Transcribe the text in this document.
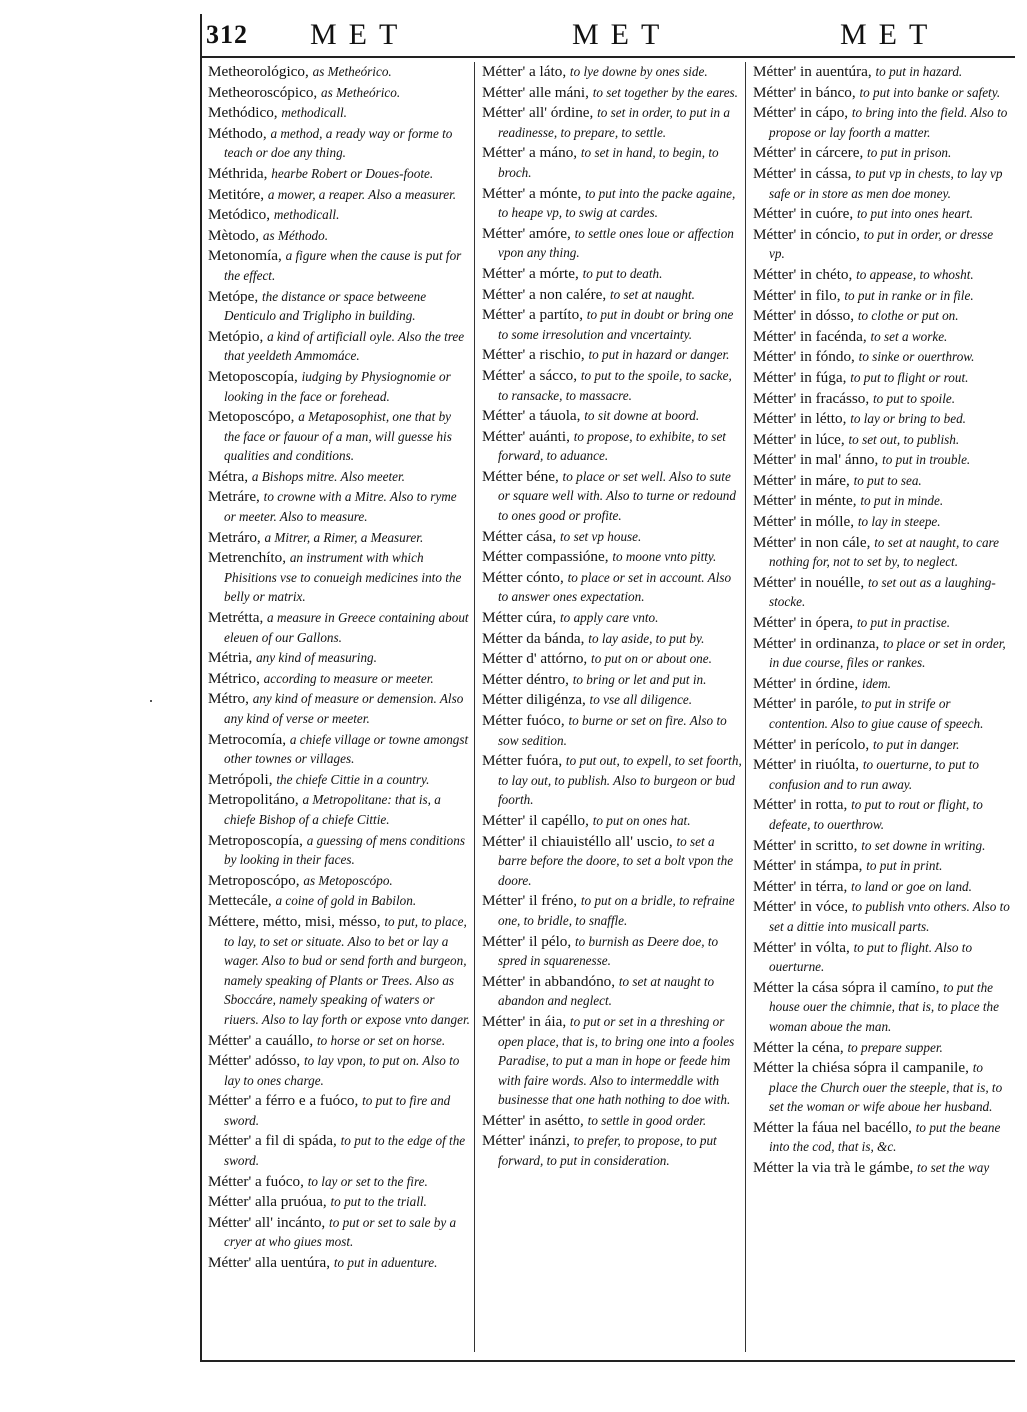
312 MET	MET	MET

Metheorológico, as Metheórico.

Metheoroscópico, as Metheórico.

Methódico, methodicall.

Méthodo, a method, a ready way or forme to teach or doe any thing.

Méthrida, hearbe Robert or Doues-foote.

Metitóre, a mower, a reaper. Also a measurer.

Metódico, methodicall.

Mètodo, as Méthodo.

Metonomía, a figure when the cause is put for the effect.

Metópe, the distance or space betweene Denticulo and Triglipho in building.

Metópio, a kind of artificiall oyle. Also the tree that yeeldeth Ammomáce.

Metoposcopía, iudging by Physiognomie or looking in the face or forehead.

Metoposcópo, a Metaposophist, one that by the face or fauour of a man, will guesse his qualities and conditions.

Métra, a Bishops mitre. Also meeter.

Metráre, to crowne with a Mitre. Also to ryme or meeter. Also to measure.

Metráro, a Mitrer, a Rimer, a Measurer.

Metrenchíto, an instrument with which Phisitions vse to conueigh medicines into the belly or matrix.

Metrétta, a measure in Greece containing about eleuen of our Gallons.

Métria, any kind of measuring.

Métrico, according to measure or meeter.

Métro, any kind of measure or demension. Also any kind of verse or meeter.

Metrocomía, a chiefe village or towne amongst other townes or villages.

Metrópoli, the chiefe Cittie in a country.

Metropolitáno, a Metropolitane: that is, a chiefe Bishop of a chiefe Cittie.

Metroposcopía, a guessing of mens conditions by looking in their faces.

Metroposcópo, as Metoposcópo.

Mettecále, a coine of gold in Babilon.

Méttere, métto, misi, mésso, to put, to place, to lay, to set or situate. Also to bet or lay a wager. Also to bud or send forth and burgeon, namely speaking of Plants or Trees. Also as Sboccáre, namely speaking of waters or riuers. Also to lay forth or expose vnto danger.

Métter' a cauállo, to horse or set on horse.

Métter' adósso, to lay vpon, to put on. Also to lay to ones charge.

Métter' a férro e a fuóco, to put to fire and sword.

Métter' a fil di spáda, to put to the edge of the sword.

Métter' a fuóco, to lay or set to the fire.

Métter' alla pruóua, to put to the triall.

Métter' all' incánto, to put or set to sale by a cryer at who giues most.

Métter' alla uentúra, to put in aduenture.

Métter' a láto, to lye downe by ones side.

Métter' alle máni, to set together by the eares.

Métter' all' órdine, to set in order, to put in a readinesse, to prepare, to settle.

Métter' a máno, to set in hand, to begin, to broch.

Métter' a mónte, to put into the packe againe, to heape vp, to swig at cardes.

Métter' amóre, to settle ones loue or affection vpon any thing.

Métter' a mórte, to put to death.

Métter' a non calére, to set at naught.

Métter' a partíto, to put in doubt or bring one to some irresolution and vncertainty.

Métter' a rischio, to put in hazard or danger.

Métter' a sácco, to put to the spoile, to sacke, to ransacke, to massacre.

Métter' a táuola, to sit downe at boord.

Métter' auánti, to propose, to exhibite, to set forward, to aduance.

Métter béne, to place or set well. Also to sute or square well with. Also to turne or redound to ones good or profite.

Métter cása, to set vp house.

Métter compassióne, to moone vnto pitty.

Métter cónto, to place or set in account. Also to answer ones expectation.

Métter cúra, to apply care vnto.

Métter da bánda, to lay aside, to put by.

Métter d' attórno, to put on or about one.

Métter déntro, to bring or let and put in.

Métter diligénza, to vse all diligence.

Métter fuóco, to burne or set on fire. Also to sow sedition.

Métter fuóra, to put out, to expell, to set foorth, to lay out, to publish. Also to burgeon or bud foorth.

Métter' il capéllo, to put on ones hat.

Métter' il chiauistéllo all' uscio, to set a barre before the doore, to set a bolt vpon the doore.

Métter' il fréno, to put on a bridle, to refraine one, to bridle, to snaffle.

Métter' il pélo, to burnish as Deere doe, to spred in squarenesse.

Métter' in abbandóno, to set at naught to abandon and neglect.

Métter' in áia, to put or set in a threshing or open place, that is, to bring one into a fooles Paradise, to put a man in hope or feede him with faire words. Also to intermeddle with businesse that one hath nothing to doe with.

Métter' in asétto, to settle in good order.

Métter' inánzi, to prefer, to propose, to put forward, to put in consideration.

Métter' in auentúra, to put in hazard.

Métter' in bánco, to put into banke or safety.

Métter' in cápo, to bring into the field. Also to propose or lay foorth a matter.

Métter' in cárcere, to put in prison.

Métter' in cássa, to put vp in chests, to lay vp safe or in store as men doe money.

Métter' in cuóre, to put into ones heart.

Métter' in cóncio, to put in order, or dresse vp.

Métter' in chéto, to appease, to whosht.

Métter' in filo, to put in ranke or in file.

Métter' in dósso, to clothe or put on.

Métter' in facénda, to set a worke.

Métter' in fóndo, to sinke or ouerthrow.

Métter' in fúga, to put to flight or rout.

Métter' in fracásso, to put to spoile.

Métter' in létto, to lay or bring to bed.

Métter' in lúce, to set out, to publish.

Métter' in mal' ánno, to put in trouble.

Métter' in máre, to put to sea.

Métter' in ménte, to put in minde.

Métter' in mólle, to lay in steepe.

Métter' in non cále, to set at naught, to care nothing for, not to set by, to neglect.

Métter' in nouélle, to set out as a laughing-stocke.

Métter' in ópera, to put in practise.

Métter' in ordinanza, to place or set in order, in due course, files or rankes.

Métter' in órdine, idem.

Métter' in paróle, to put in strife or contention. Also to giue cause of speech.

Métter' in perícolo, to put in danger.

Métter' in riuólta, to ouerturne, to put to confusion and to run away.

Métter' in rotta, to put to rout or flight, to defeate, to ouerthrow.

Métter' in scritto, to set downe in writing.

Métter' in stámpa, to put in print.

Métter' in térra, to land or goe on land.

Métter' in vóce, to publish vnto others. Also to set a dittie into musicall parts.

Métter' in vólta, to put to flight. Also to ouerturne.

Métter la cása sópra il camíno, to put the house ouer the chimnie, that is, to place the woman aboue the man.

Métter la céna, to prepare supper.

Métter la chiésa sópra il campanile, to place the Church ouer the steeple, that is, to set the woman or wife aboue her husband.

Métter la fáua nel bacéllo, to put the beane into the cod, that is, &c.

Métter la via trà le gámbe, to set the way
